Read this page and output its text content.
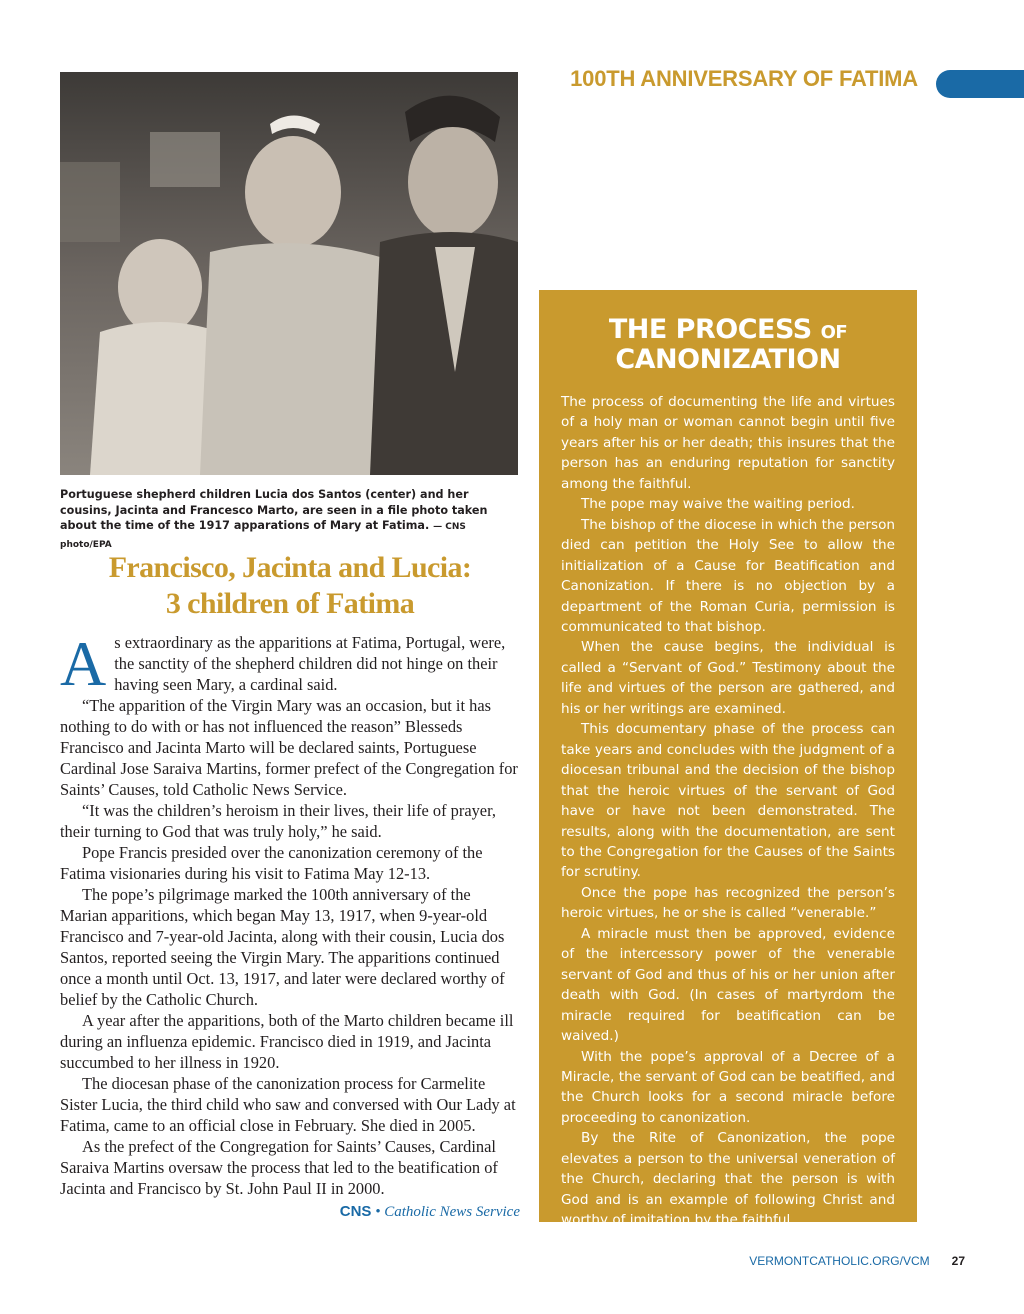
100TH ANNIVERSARY OF FATIMA
Portuguese shepherd children Lucia dos Santos (center) and her cousins, Jacinta and Francesco Marto, are seen in a file photo taken about the time of the 1917 apparations of Mary at Fatima. — CNS photo/EPA
Francisco, Jacinta and Lucia:
3 children of Fatima

As extraordinary as the apparitions at Fatima, Portugal, were, the sanctity of the shepherd children did not hinge on their having seen Mary, a cardinal said.

“The apparition of the Virgin Mary was an occasion, but it has nothing to do with or has not influenced the reason” Blesseds Francisco and Jacinta Marto will be declared saints, Portuguese Cardinal Jose Saraiva Martins, former prefect of the Congregation for Saints’ Causes, told Catholic News Service.

“It was the children’s heroism in their lives, their life of prayer, their turning to God that was truly holy,” he said.

Pope Francis presided over the canonization ceremony of the Fatima visionaries during his visit to Fatima May 12-13.

The pope’s pilgrimage marked the 100th anniversary of the Marian apparitions, which began May 13, 1917, when 9-year-old Francisco and 7-year-old Jacinta, along with their cousin, Lucia dos Santos, reported seeing the Virgin Mary. The apparitions continued once a month until Oct. 13, 1917, and later were declared worthy of belief by the Catholic Church.

A year after the apparitions, both of the Marto children became ill during an influenza epidemic. Francisco died in 1919, and Jacinta succumbed to her illness in 1920.

The diocesan phase of the canonization process for Carmelite Sister Lucia, the third child who saw and conversed with Our Lady at Fatima, came to an official close in February. She died in 2005.

As the prefect of the Congregation for Saints’ Causes, Cardinal Saraiva Martins oversaw the process that led to the beatification of Jacinta and Francisco by St. John Paul II in 2000.

CNS • Catholic News Service
THE PROCESS OF
CANONIZATION

The process of documenting the life and virtues of a holy man or woman cannot begin until five years after his or her death; this insures that the person has an enduring reputation for sanctity among the faithful.

The pope may waive the waiting period.

The bishop of the diocese in which the person died can petition the Holy See to allow the initialization of a Cause for Beatification and Canonization. If there is no objection by a department of the Roman Curia, permission is communicated to that bishop.

When the cause begins, the individual is called a “Servant of God.” Testimony about the life and virtues of the person are gathered, and his or her writings are examined.

This documentary phase of the process can take years and concludes with the judgment of a diocesan tribunal and the decision of the bishop that the heroic virtues of the servant of God have or have not been demonstrated. The results, along with the documentation, are sent to the Congregation for the Causes of the Saints for scrutiny.

Once the pope has recognized the person’s heroic virtues, he or she is called “venerable.”

A miracle must then be approved, evidence of the intercessory power of the venerable servant of God and thus of his or her union after death with God. (In cases of martyrdom the miracle required for beatification can be waived.)

With the pope’s approval of a Decree of a Miracle, the servant of God can be beatified, and the Church looks for a second miracle before proceeding to canonization.

By the Rite of Canonization, the pope elevates a person to the universal veneration of the Church, declaring that the person is with God and is an example of following Christ and worthy of imitation by the faithful.

— Source: ewtn.com
VERMONTCATHOLIC.ORG/VCM 27
